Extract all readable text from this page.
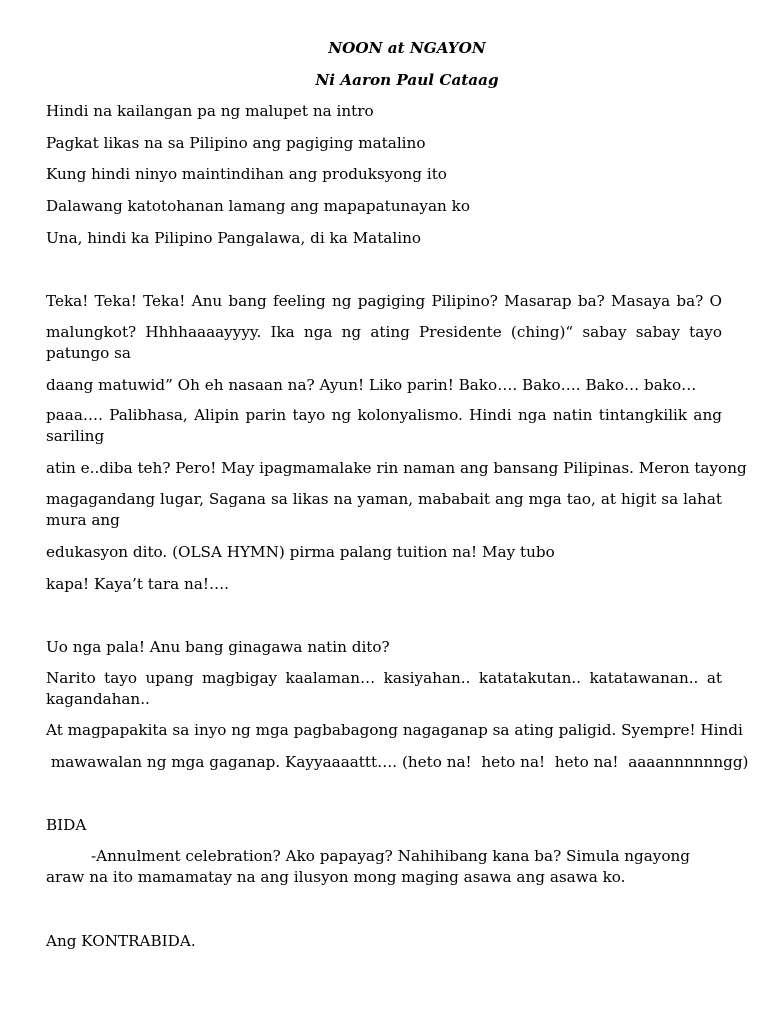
NOON at NGAYON
Ni Aaron Paul Cataag
Hindi na kailangan pa ng malupet na intro
Pagkat likas na sa Pilipino ang pagiging matalino
Kung hindi ninyo maintindihan ang produksyong ito
Dalawang katotohanan lamang ang mapapatunayan ko
Una, hindi ka Pilipino Pangalawa, di ka Matalino
Teka! Teka! Teka! Anu bang feeling ng pagiging Pilipino? Masarap ba? Masaya ba? O
malungkot? Hhhhaaaayyyy. Ika nga ng ating Presidente (ching)“ sabay sabay tayo patungo sa
daang matuwid” Oh eh nasaan na? Ayun! Liko parin! Bako…. Bako…. Bako… bako…
paaa…. Palibhasa, Alipin parin tayo ng kolonyalismo. Hindi nga natin tintangkilik ang sariling
atin e..diba teh? Pero! May ipagmamalake rin naman ang bansang Pilipinas. Meron tayong
magagandang lugar, Sagana sa likas na yaman, mababait ang mga tao, at higit sa lahat mura ang
edukasyon dito. (OLSA HYMN) pirma palang tuition na! May tubo
kapa! Kaya’t tara na!….
Uo nga pala! Anu bang ginagawa natin dito?
Narito tayo upang magbigay kaalaman… kasiyahan.. katatakutan.. katatawanan.. at kagandahan..
At magpapakita sa inyo ng mga pagbabagong nagaganap sa ating paligid. Syempre! Hindi
mawawalan ng mga gaganap. Kayyaaaattt…. (heto na!  heto na!  heto na!  aaaannnnnngg)
BIDA
-Annulment celebration? Ako papayag? Nahihibang kana ba? Simula ngayong araw na ito mamamatay na ang ilusyon mong maging asawa ang asawa ko.
Ang KONTRABIDA.
